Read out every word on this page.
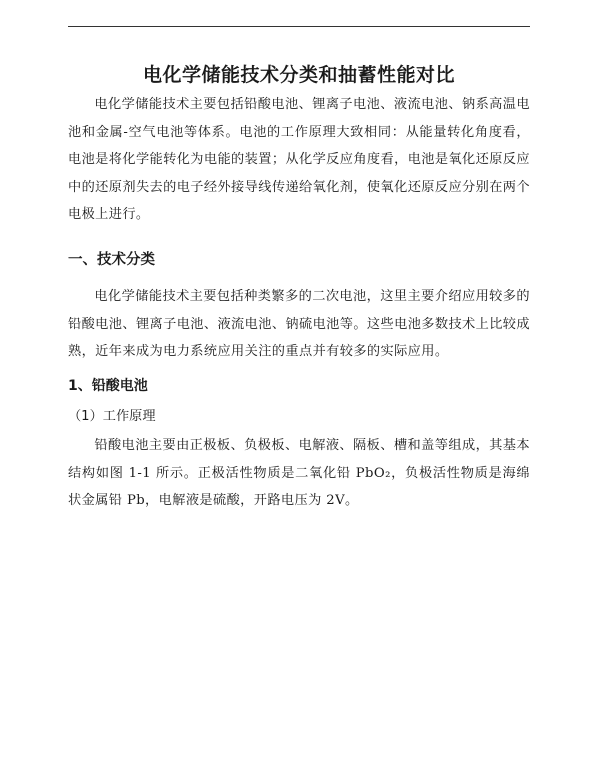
电化学储能技术分类和抽蓄性能对比

电化学储能技术主要包括铅酸电池、锂离子电池、液流电池、钠系高温电池和金属-空气电池等体系。电池的工作原理大致相同：从能量转化角度看，电池是将化学能转化为电能的装置；从化学反应角度看，电池是氧化还原反应中的还原剂失去的电子经外接导线传递给氧化剂，使氧化还原反应分别在两个电极上进行。

一、技术分类

电化学储能技术主要包括种类繁多的二次电池，这里主要介绍应用较多的铅酸电池、锂离子电池、液流电池、钠硫电池等。这些电池多数技术上比较成熟，近年来成为电力系统应用关注的重点并有较多的实际应用。

1、铅酸电池
（1）工作原理

铅酸电池主要由正极板、负极板、电解液、隔板、槽和盖等组成，其基本结构如图 1-1 所示。正极活性物质是二氧化铅 PbO₂，负极活性物质是海绵状金属铅 Pb，电解液是硫酸，开路电压为 2V。
